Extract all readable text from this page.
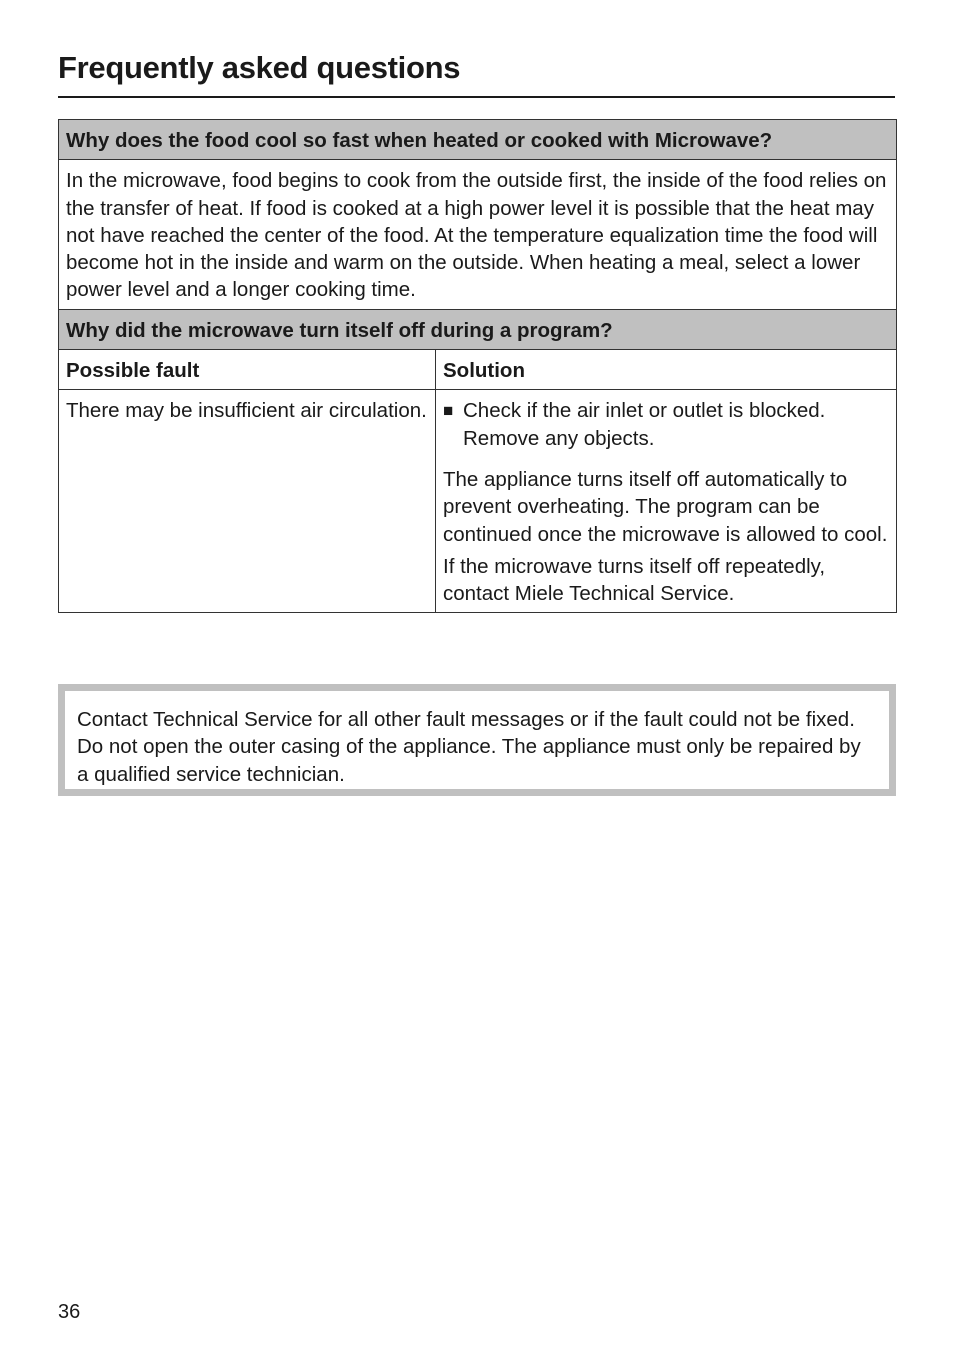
Frequently asked questions
Why does the food cool so fast when heated or cooked with Microwave?	
In the microwave, food begins to cook from the outside first, the inside of the food relies on the transfer of heat. If food is cooked at a high power level it is possible that the heat may not have reached the center of the food. At the temperature equalization time the food will become hot in the inside and warm on the outside. When heating a meal, select a lower power level and a longer cooking time.	
Why did the microwave turn itself off during a program?	
Possible fault	Solution
There may be insufficient air circulation.	■ Check if the air inlet or outlet is blocked. Remove any objects.
The appliance turns itself off automatically to prevent overheating. The program can be continued once the microwave is allowed to cool.
If the microwave turns itself off repeatedly, contact Miele Technical Service.
Contact Technical Service for all other fault messages or if the fault could not be fixed. Do not open the outer casing of the appliance. The appliance must only be repaired by a qualified service technician.
36
